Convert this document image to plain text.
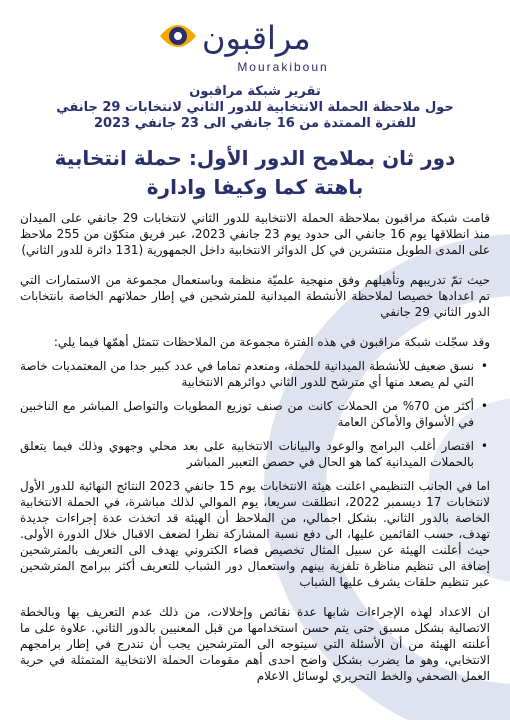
مراقبون
Mourakiboun
تقرير شبكة مراقبون
حول ملاحظة الحملة الانتخابية للدور الثاني لانتخابات 29 جانفي
للفترة الممتدة من 16 جانفي الى 23 جانفي 2023
دور ثان بملامح الدور الأول: حملة انتخابية باهتة كما وكيفا وادارة

قامت شبكة مراقبون بملاحظة الحملة الانتخابية للدور الثاني لانتخابات 29 جانفي على الميدان منذ انطلاقها يوم 16 جانفي الى حدود يوم 23 جانفي 2023، عبر فريق متكوّن من 255 ملاحظ على المدى الطويل منتشرين في كل الدوائر الانتخابية داخل الجمهورية (131 دائرة للدور الثاني)

حيث تمّ تدريبهم وتأهيلهم وفق منهجية علميّة منظمة وباستعمال مجموعة من الاستمارات التي تم اعدادها خصيصا لملاحظة الأنشطة الميدانية للمترشحين في إطار حملاتهم الخاصة بانتخابات الدور الثاني 29 جانفي

وقد سجّلت شبكة مراقبون في هذه الفترة مجموعة من الملاحظات تتمثل أهمّها فيما يلي:

•
نسق ضعيف للأنشطة الميدانية للحملة، ومنعدم تماما في عدد كبير جدا من المعتمديات خاصة التي لم يصعد منها أي مترشح للدور الثاني دوائرهم الانتخابية
•
أكثر من 70% من الحملات كانت من صنف توزيع المطويات والتواصل المباشر مع الناخبين في الأسواق والأماكن العامة
•
اقتصار أغلب البرامج والوعود والبيانات الانتخابية على بعد محلي وجهوي وذلك فيما يتعلق بالحملات الميدانية كما هو الحال في حصص التعبير المباشر

اما في الجانب التنظيمي اعلنت هيئة الانتخابات يوم 15 جانفي 2023 النتائج النهائية للدور الأول لانتخابات 17 ديسمبر 2022، انطلقت سريعا، يوم الموالي لذلك مباشرة، في الحملة الانتخابية الخاصة بالدور الثاني. بشكل اجمالي، من الملاحظ أن الهيئة قد اتخذت عدة إجراءات جديدة تهدف، حسب القائمين عليها، الى دفع نسبة المشاركة نظرا لضعف الاقبال خلال الدورة الأولى. حيث أعلنت الهيئة عن سبيل المثال تخصيص فضاء الكتروني يهدف الى التعريف بالمترشحين إضافة الى تنظيم مناظرة تلفزية بينهم واستعمال دور الشباب للتعريف أكثر ببرامج المترشحين عبر تنظيم حلقات يشرف عليها الشباب

ان الاعداد لهذه الإجراءات شابها عدة نقائص وإخلالات، من ذلك عدم التعريف بها وبالخطة الاتصالية بشكل مسبق حتى يتم حسن استخدامها من قبل المعنيين بالدور الثاني. علاوة على ما أعلنته الهيئة من أن الأسئلة التي سيتوجه الى المترشحين يجب أن تندرج في إطار برامجهم الانتخابي، وهو ما يضرب بشكل واضح احدى أهم مقومات الحملة الانتخابية المتمثلة في حرية العمل الصحفي والخط التحريري لوسائل الاعلام
